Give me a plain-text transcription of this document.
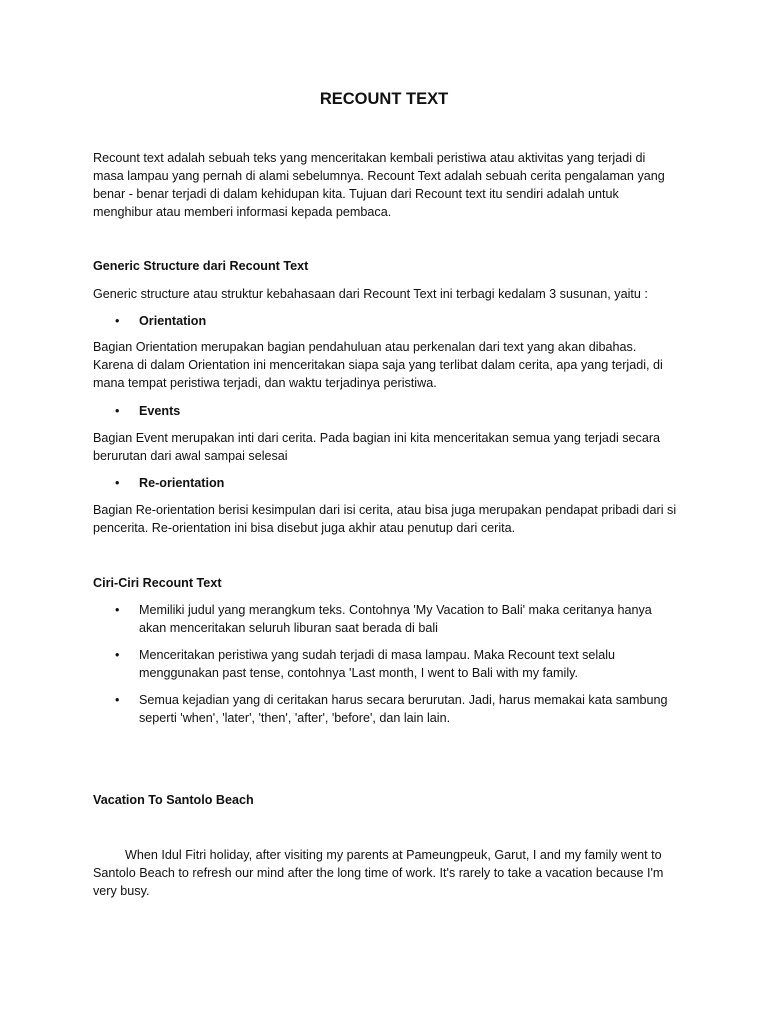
RECOUNT TEXT

Recount text adalah sebuah teks yang menceritakan kembali peristiwa atau aktivitas yang terjadi di masa lampau yang pernah di alami sebelumnya. Recount Text adalah sebuah cerita pengalaman yang benar - benar terjadi di dalam kehidupan kita. Tujuan dari Recount text itu sendiri adalah untuk menghibur atau memberi informasi kepada pembaca.

Generic Structure dari Recount Text

Generic structure atau struktur kebahasaan dari Recount Text ini terbagi kedalam 3 susunan, yaitu :

•	Orientation

Bagian Orientation merupakan bagian pendahuluan atau perkenalan dari text yang akan dibahas. Karena di dalam Orientation ini menceritakan siapa saja yang terlibat dalam cerita, apa yang terjadi, di mana tempat peristiwa terjadi, dan waktu terjadinya peristiwa.

•	Events

Bagian Event merupakan inti dari cerita. Pada bagian ini kita menceritakan semua yang terjadi secara berurutan dari awal sampai selesai

•	Re-orientation

Bagian Re-orientation berisi kesimpulan dari isi cerita, atau bisa juga merupakan pendapat pribadi dari si pencerita. Re-orientation ini bisa disebut juga akhir atau penutup dari cerita.

Ciri-Ciri Recount Text

•	Memiliki judul yang merangkum teks. Contohnya 'My Vacation to Bali' maka ceritanya hanya akan menceritakan seluruh liburan saat berada di bali
•	Menceritakan peristiwa yang sudah terjadi di masa lampau. Maka Recount text selalu menggunakan past tense, contohnya 'Last month, I went to Bali with my family.
•	Semua kejadian yang di ceritakan harus secara berurutan. Jadi, harus memakai kata sambung seperti 'when', 'later', 'then', 'after', 'before', dan lain lain.

Vacation To Santolo Beach

When Idul Fitri holiday, after visiting my parents at Pameungpeuk, Garut, I and my family went to Santolo Beach to refresh our mind after the long time of work. It's rarely to take a vacation because I'm very busy.
